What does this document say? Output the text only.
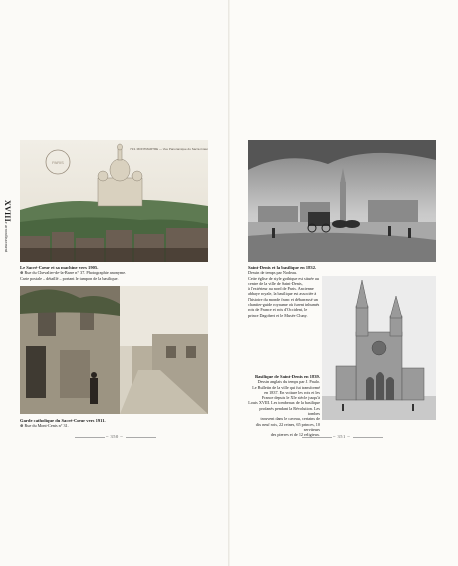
XVIIIe arrondissement
PARIS
713. MONTMARTRE — Vue Panoramique du Sacré-Cœur

Le Sacré-Cœur et sa machine vers 1905.

⊕ Rue du Chevalier-de-la-Barre n° 37. Photographie anonyme.

Carte postale – détaillé – portant le tampon de la basilique.

Garde catholique du Sacré-Cœur vers 1911.

⊕ Rue du Mont-Cenis n° 31.

~ 350 ~

Saint-Denis et la basilique en 1832.

Dessin de temps par Nodeau.

Cette église de style gothique est située au

centre de la ville de Saint-Denis,

à l'extérieur au nord de Paris. Ancienne

abbaye royale, la basilique est associée à

l'histoire du monde franc et débarrassé un

chantier-guide royaume où furent inhumés

rois de France et rois d'Occident, le

prince Dagobert et le Musée Cluny.

Basilique de Saint-Denis en 1839.

Dessin anglais du temps par J. Paulo.

Le Bulletin de la ville qui fut transformé

en 1837. En voiture les rois et les

France depuis le XIe siècle jusqu'à

Louis XVIII. Les tombeaux de la basilique

profanés pendant la Révolution. Les tombes

trouvent dans le caveau, certains de

dix neuf rois, 22 reines, 65 princes, 10 serviteurs

des pierres et de 12 religieux.	~ 351 ~
